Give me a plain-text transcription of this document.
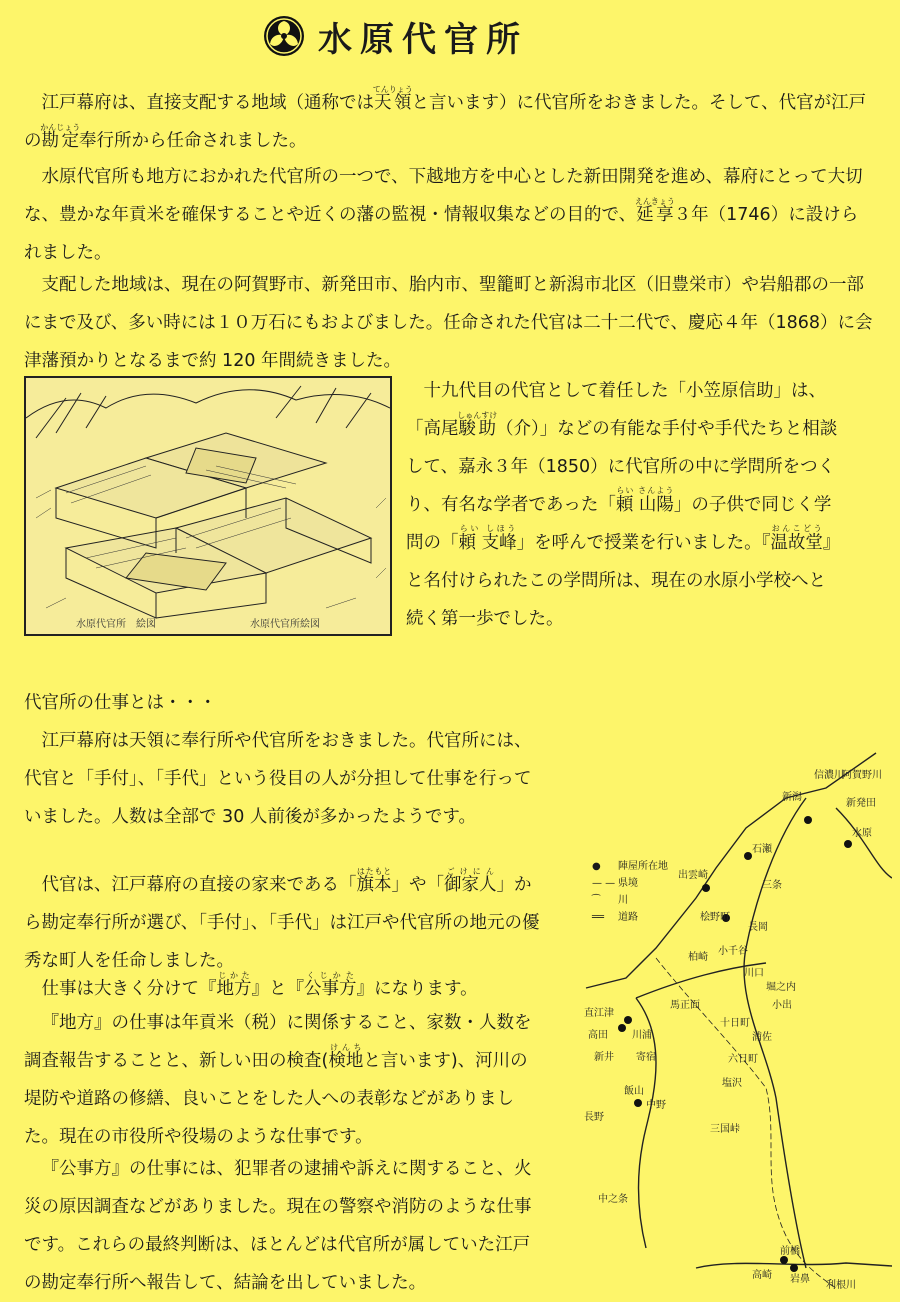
水原代官所

江戸幕府は、直接支配する地域（通称では天領てんりょうと言います）に代官所をおきました。そして、代官が江戸の勘定かんじょう奉行所から任命されました。

水原代官所も地方におかれた代官所の一つで、下越地方を中心とした新田開発を進め、幕府にとって大切な、豊かな年貢米を確保することや近くの藩の監視・情報収集などの目的で、延享えんきょう３年（1746）に設けられました。

支配した地域は、現在の阿賀野市、新発田市、胎内市、聖籠町と新潟市北区（旧豊栄市）や岩船郡の一部にまで及び、多い時には１０万石にもおよびました。任命された代官は二十二代で、慶応４年（1868）に会津藩預かりとなるまで約 120 年間続きました。

水原代官所　 絵図	水原代官所絵図

十九代目の代官として着任した「小笠原信助」は、「高尾駿助しゅんすけ（介）」などの有能な手付や手代たちと相談して、嘉永３年（1850）に代官所の中に学問所をつくり、有名な学者であった「頼 山陽らい さんよう」の子供で同じく学問の「頼 支峰らい しほう」を呼んで授業を行いました。『温故堂おんこどう』と名付けられたこの学問所は、現在の水原小学校へと続く第一歩でした。

代官所の仕事とは・・・

江戸幕府は天領に奉行所や代官所をおきました。代官所には、代官と「手付」、「手代」という役目の人が分担して仕事を行っていました。人数は全部で 30 人前後が多かったようです。

代官は、江戸幕府の直接の家来である「旗本はたもと」や「御家人ごけにん」から勘定奉行所が選び、「手付」、「手代」は江戸や代官所の地元の優秀な町人を任命しました。

仕事は大きく分けて『地方じかた』と『公事方くじかた』になります。

『地方』の仕事は年貢米（税）に関係すること、家数・人数を調査報告することと、新しい田の検査(検地けんちと言います)、河川の堤防や道路の修繕、良いことをした人への表彰などがありました。現在の市役所や役場のような仕事です。

『公事方』の仕事には、犯罪者の逮捕や訴えに関すること、火災の原因調査などがありました。現在の警察や消防のような仕事です。これらの最終判断は、ほとんどは代官所が属していた江戸の勘定奉行所へ報告して、結論を出していました。

新潟
新発田
水原
阿賀野川
信濃川
石瀬
出雲崎
三条
桧野町
長岡
柏崎
小千谷
川口
堀之内
小出
馬正面
直江津
高田 川浦
十日町
浦佐
新井 寄宿	六日町
塩沢
飯山
中野
三国峠
長野
中之条
前橋
高崎 岩鼻
利根川
● 陣屋所在地
— — 県境
⁀ 川
══ 道路
